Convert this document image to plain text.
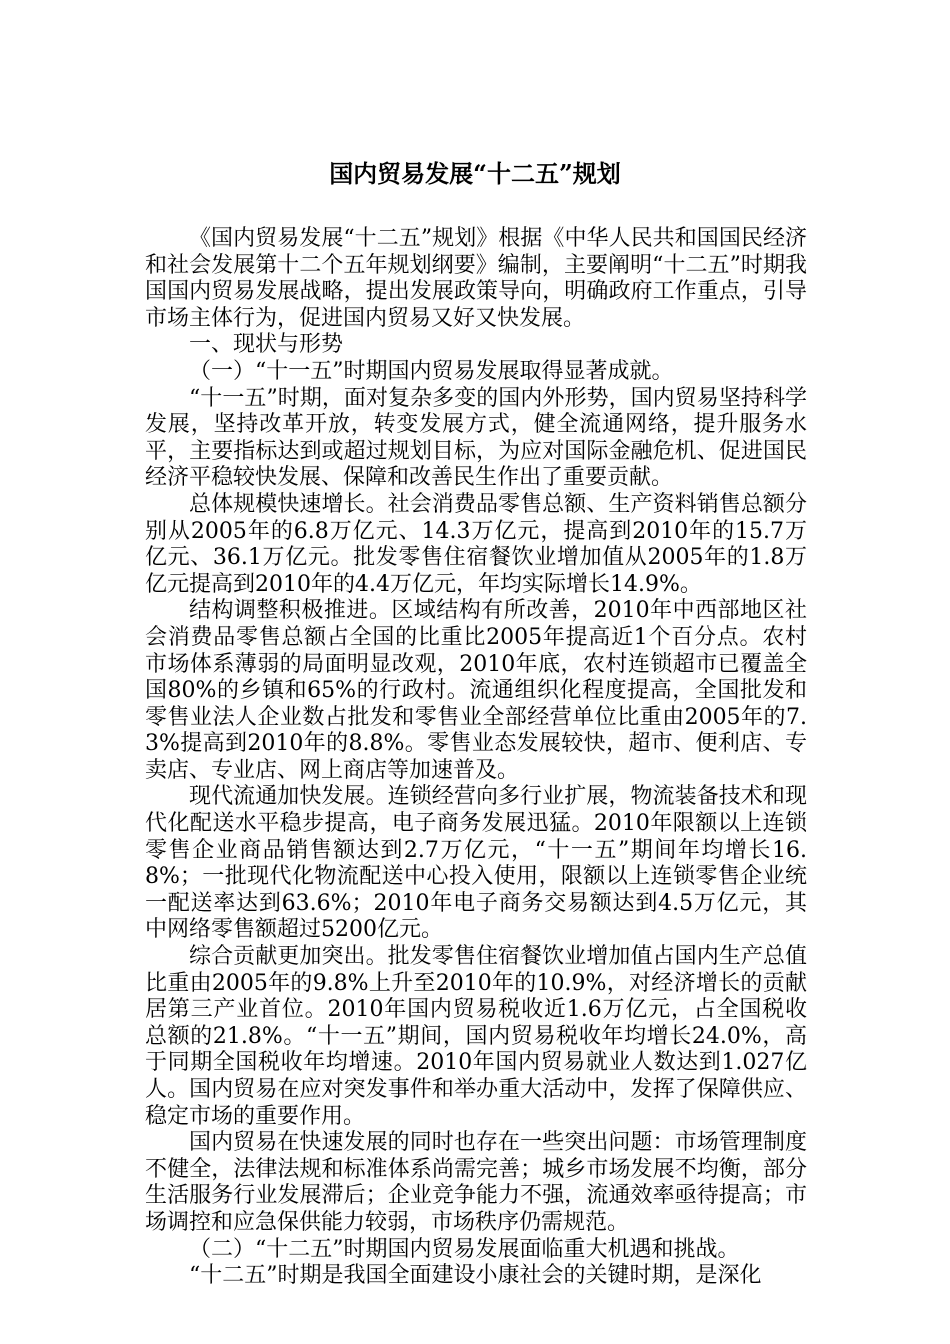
国内贸易发展“十二五”规划

《国内贸易发展“十二五”规划》根据《中华人民共和国国民经济和社会发展第十二个五年规划纲要》编制，主要阐明“十二五”时期我国国内贸易发展战略，提出发展政策导向，明确政府工作重点，引导市场主体行为，促进国内贸易又好又快发展。

一、现状与形势

（一）“十一五”时期国内贸易发展取得显著成就。

“十一五”时期，面对复杂多变的国内外形势，国内贸易坚持科学发展，坚持改革开放，转变发展方式，健全流通网络，提升服务水平，主要指标达到或超过规划目标，为应对国际金融危机、促进国民经济平稳较快发展、保障和改善民生作出了重要贡献。

总体规模快速增长。社会消费品零售总额、生产资料销售总额分别从2005年的6.8万亿元、14.3万亿元，提高到2010年的15.7万亿元、36.1万亿元。批发零售住宿餐饮业增加值从2005年的1.8万亿元提高到2010年的4.4万亿元，年均实际增长14.9%。

结构调整积极推进。区域结构有所改善，2010年中西部地区社会消费品零售总额占全国的比重比2005年提高近1个百分点。农村市场体系薄弱的局面明显改观，2010年底，农村连锁超市已覆盖全国80%的乡镇和65%的行政村。流通组织化程度提高，全国批发和零售业法人企业数占批发和零售业全部经营单位比重由2005年的7.3%提高到2010年的8.8%。零售业态发展较快，超市、便利店、专卖店、专业店、网上商店等加速普及。

现代流通加快发展。连锁经营向多行业扩展，物流装备技术和现代化配送水平稳步提高，电子商务发展迅猛。2010年限额以上连锁零售企业商品销售额达到2.7万亿元，“十一五”期间年均增长16.8%；一批现代化物流配送中心投入使用，限额以上连锁零售企业统一配送率达到63.6%；2010年电子商务交易额达到4.5万亿元，其中网络零售额超过5200亿元。

综合贡献更加突出。批发零售住宿餐饮业增加值占国内生产总值比重由2005年的9.8%上升至2010年的10.9%，对经济增长的贡献居第三产业首位。2010年国内贸易税收近1.6万亿元，占全国税收总额的21.8%。“十一五”期间，国内贸易税收年均增长24.0%，高于同期全国税收年均增速。2010年国内贸易就业人数达到1.027亿人。国内贸易在应对突发事件和举办重大活动中，发挥了保障供应、稳定市场的重要作用。

国内贸易在快速发展的同时也存在一些突出问题：市场管理制度不健全，法律法规和标准体系尚需完善；城乡市场发展不均衡，部分生活服务行业发展滞后；企业竞争能力不强，流通效率亟待提高；市场调控和应急保供能力较弱，市场秩序仍需规范。

（二）“十二五”时期国内贸易发展面临重大机遇和挑战。

“十二五”时期是我国全面建设小康社会的关键时期，是深化
